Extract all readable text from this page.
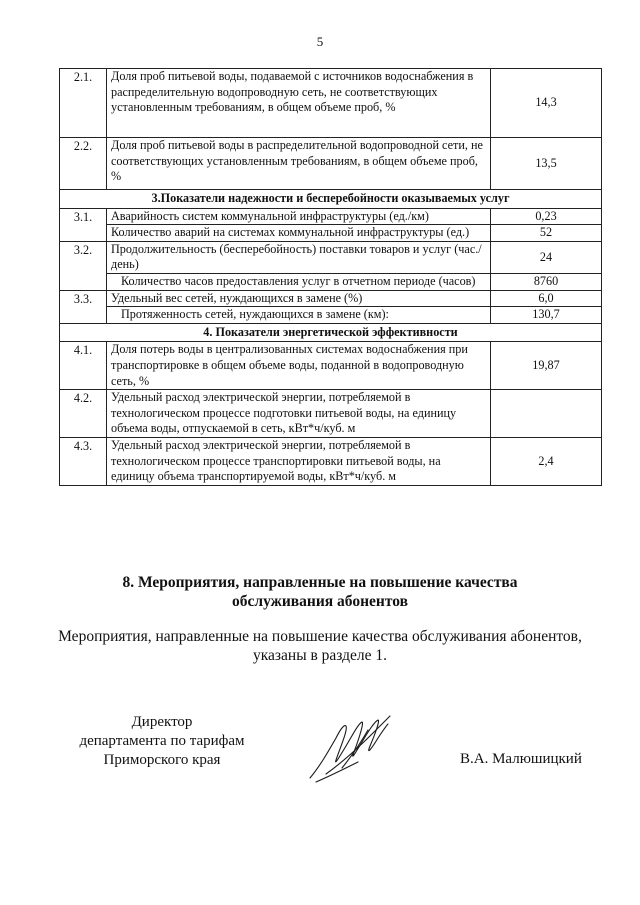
5
2.1.	Доля проб питьевой воды, подаваемой с источников водоснабжения в распределительную водопроводную сеть, не соответствующих установленным требованиям, в общем объеме проб, %	14,3
2.2.	Доля проб питьевой воды в распределительной водопроводной сети, не соответствующих установленным требованиям, в общем объеме проб, %	13,5
3.Показатели надежности и бесперебойности оказываемых услуг		
3.1.	Аварийность систем коммунальной инфраструктуры (ед./км)	0,23
	Количество аварий на системах коммунальной инфраструктуры (ед.)	52
3.2.	Продолжительность (бесперебойность) поставки товаров и услуг (час./день)	24
	Количество часов предоставления услуг в отчетном периоде (часов)	8760
3.3.	Удельный вес сетей, нуждающихся в замене (%)	6,0
	Протяженность сетей, нуждающихся в замене (км):	130,7
4. Показатели энергетической эффективности		
4.1.	Доля потерь воды в централизованных системах водоснабжения при транспортировке в общем объеме воды, поданной в водопроводную сеть, %	19,87
4.2.	Удельный расход электрической энергии, потребляемой в технологическом процессе подготовки питьевой воды, на единицу объема воды, отпускаемой в сеть, кВт*ч/куб. м	
4.3.	Удельный расход электрической энергии, потребляемой в технологическом процессе транспортировки питьевой воды, на единицу объема транспортируемой воды, кВт*ч/куб. м	2,4
8. Мероприятия, направленные на повышение качества
обслуживания абонентов
Мероприятия, направленные на повышение качества обслуживания абонентов,
указаны в разделе 1.
Директор
департамента по тарифам
Приморского края	В.А. Малюшицкий
